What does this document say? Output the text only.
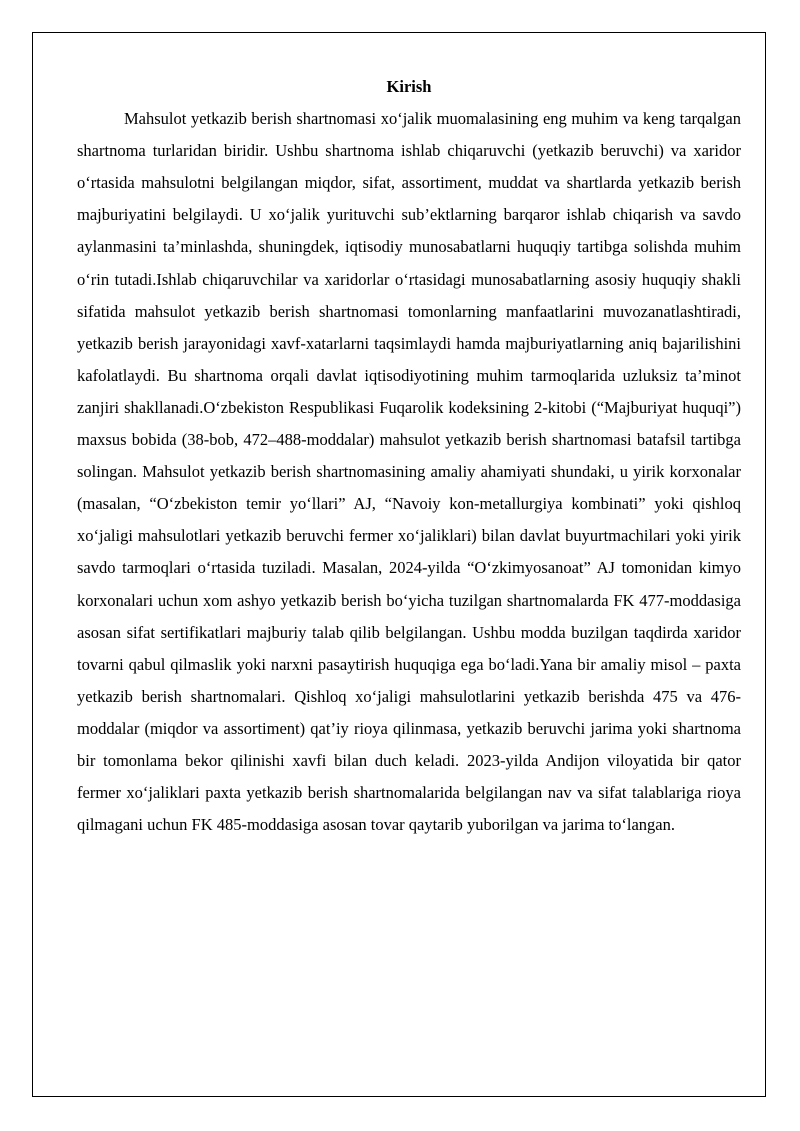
Kirish

Mahsulot yetkazib berish shartnomasi xo‘jalik muomalasining eng muhim va keng tarqalgan shartnoma turlaridan biridir. Ushbu shartnoma ishlab chiqaruvchi (yetkazib beruvchi) va xaridor o‘rtasida mahsulotni belgilangan miqdor, sifat, assortiment, muddat va shartlarda yetkazib berish majburiyatini belgilaydi. U xo‘jalik yurituvchi sub’ektlarning barqaror ishlab chiqarish va savdo aylanmasini ta’minlashda, shuningdek, iqtisodiy munosabatlarni huquqiy tartibga solishda muhim o‘rin tutadi.Ishlab chiqaruvchilar va xaridorlar o‘rtasidagi munosabatlarning asosiy huquqiy shakli sifatida mahsulot yetkazib berish shartnomasi tomonlarning manfaatlarini muvozanatlashtiradi, yetkazib berish jarayonidagi xavf-xatarlarni taqsimlaydi hamda majburiyatlarning aniq bajarilishini kafolatlaydi. Bu shartnoma orqali davlat iqtisodiyotining muhim tarmoqlarida uzluksiz ta’minot zanjiri shakllanadi.O‘zbekiston Respublikasi Fuqarolik kodeksining 2-kitobi (“Majburiyat huquqi”) maxsus bobida (38-bob, 472–488-moddalar) mahsulot yetkazib berish shartnomasi batafsil tartibga solingan. Mahsulot yetkazib berish shartnomasining amaliy ahamiyati shundaki, u yirik korxonalar (masalan, “O‘zbekiston temir yo‘llari” AJ, “Navoiy kon-metallurgiya kombinati” yoki qishloq xo‘jaligi mahsulotlari yetkazib beruvchi fermer xo‘jaliklari) bilan davlat buyurtmachilari yoki yirik savdo tarmoqlari o‘rtasida tuziladi. Masalan, 2024-yilda “O‘zkimyosanoat” AJ tomonidan kimyo korxonalari uchun xom ashyo yetkazib berish bo‘yicha tuzilgan shartnomalarda FK 477-moddasiga asosan sifat sertifikatlari majburiy talab qilib belgilangan. Ushbu modda buzilgan taqdirda xaridor tovarni qabul qilmaslik yoki narxni pasaytirish huquqiga ega bo‘ladi.Yana bir amaliy misol – paxta yetkazib berish shartnomalari. Qishloq xo‘jaligi mahsulotlarini yetkazib berishda 475 va 476-moddalar (miqdor va assortiment) qat’iy rioya qilinmasa, yetkazib beruvchi jarima yoki shartnoma bir tomonlama bekor qilinishi xavfi bilan duch keladi. 2023-yilda Andijon viloyatida bir qator fermer xo‘jaliklari paxta yetkazib berish shartnomalarida belgilangan nav va sifat talablariga rioya qilmagani uchun FK 485-moddasiga asosan tovar qaytarib yuborilgan va jarima to‘langan.
